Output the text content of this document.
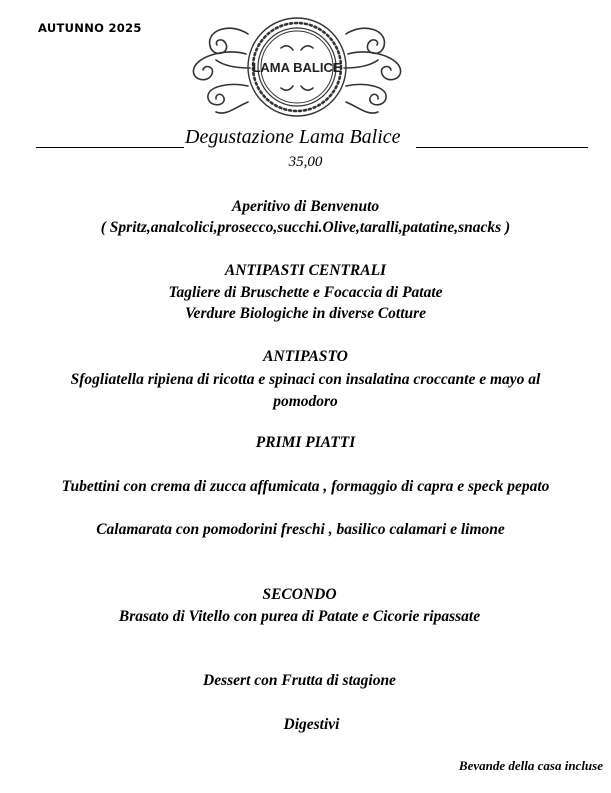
AUTUNNO 2025
LAMA BALICE
Degustazione Lama Balice
35,00
Aperitivo di Benvenuto
( Spritz,analcolici,prosecco,succhi.Olive,taralli,patatine,snacks )
ANTIPASTI CENTRALI
Tagliere di Bruschette e Focaccia di Patate
Verdure Biologiche in diverse Cotture
ANTIPASTO
Sfogliatella ripiena di ricotta e spinaci con insalatina croccante e mayo al
pomodoro
PRIMI PIATTI
Tubettini con crema di zucca affumicata , formaggio di capra e speck pepato
Calamarata con pomodorini freschi , basilico calamari e limone
SECONDO
Brasato di Vitello con purea di Patate e Cicorie ripassate
Dessert con Frutta di stagione
Digestivi
Bevande della casa incluse
